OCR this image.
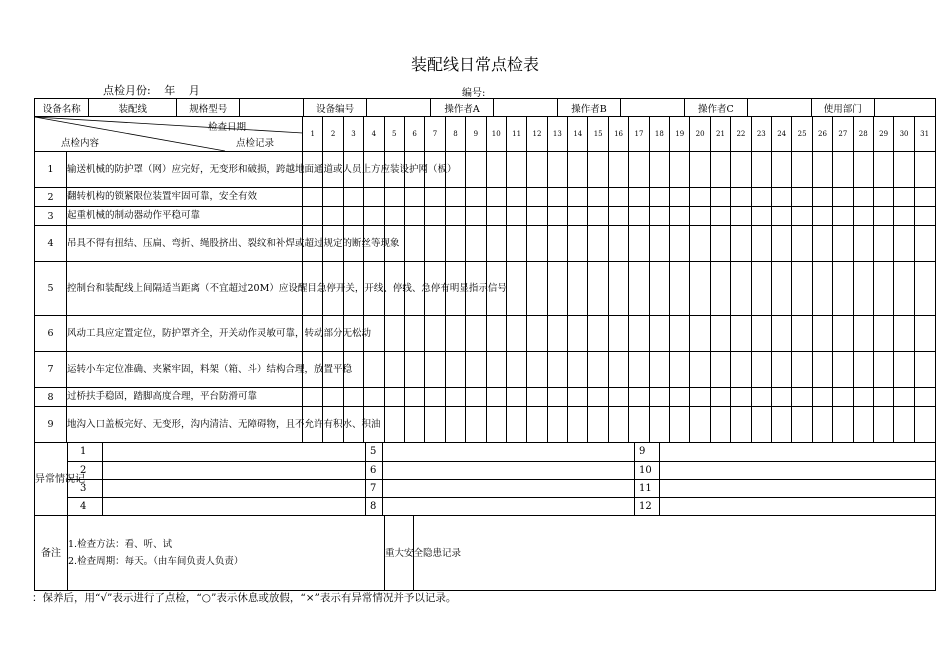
装配线日常点检表
点检月份: 年 月	编号:
设备名称	装配线	规格型号		设备编号		操作者A		操作者B		操作者C		使用部门	

检查日期
点检内容	点检记录
	1	2	3	4	5	6	7	8	9	10	11	12	13	14	15	16	17	18	19	20	21	22	23	24	25	26	27	28	29	30	31
1	输送机械的防护罩（网）应完好，无变形和破损，跨越地面通道或人员上方应装设护网（板）																															
2	翻转机构的锁紧限位装置牢固可靠，安全有效																															
3	起重机械的制动器动作平稳可靠																															
4	吊具不得有扭结、压扁、弯折、绳股挤出、裂纹和补焊或超过规定的断丝等现象																															
5	控制台和装配线上间隔适当距离（不宜超过20M）应设醒目急停开关，开线、停线、急停有明显指示信号																															
6	风动工具应定置定位，防护罩齐全，开关动作灵敏可靠，转动部分无松动																															
7	运转小车定位准确、夹紧牢固，料架（箱、斗）结构合理，放置平稳																															
8	过桥扶手稳固，踏脚高度合理，平台防滑可靠																															
9	地沟入口盖板完好、无变形，沟内清洁、无障碍物，且不允许有积水、积油																															

异常情况记	1		5		9	
2		6		10	
3		7		11	
4		8		12	

备注	
1.检查方法：看、听、试
2.检查周期：每天。（由车间负责人负责）
	重大安全隐患记录	
：保养后，用“√”表示进行了点检，“○”表示休息或放假，“×”表示有异常情况并予以记录。
